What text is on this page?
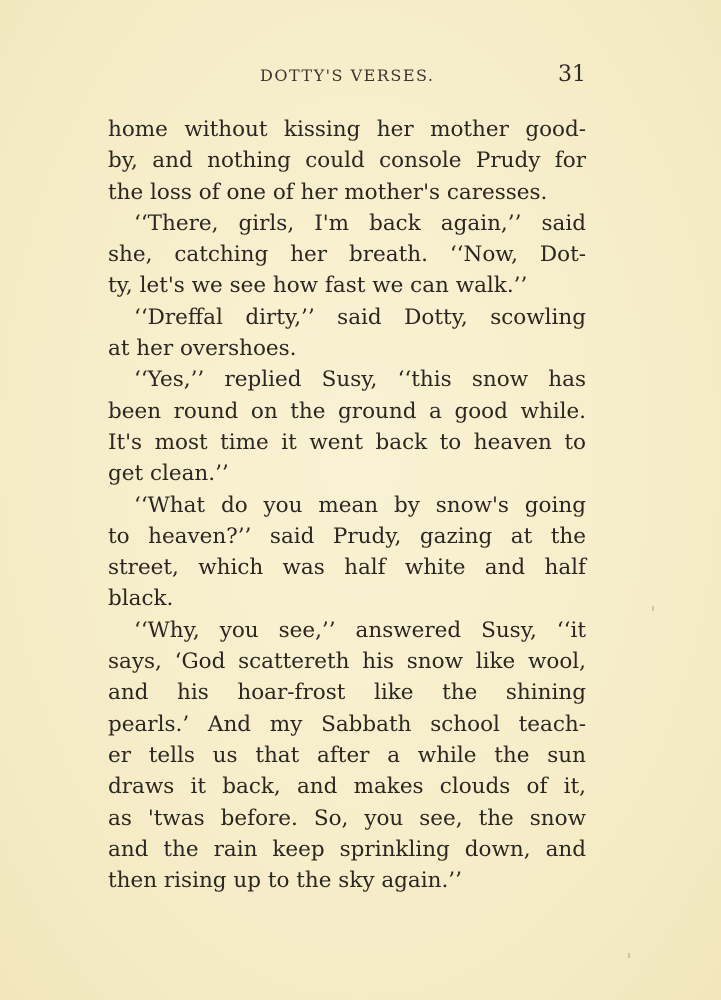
DOTTY'S VERSES.	31
home without kissing her mother good-
by, and nothing could console Prudy for
the loss of one of her mother's caresses.
‘‘There, girls, I'm back again,’’ said
she, catching her breath. ‘‘Now, Dot-
ty, let's we see how fast we can walk.’’
‘‘Dreffal dirty,’’ said Dotty, scowling
at her overshoes.
‘‘Yes,’’ replied Susy, ‘‘this snow has
been round on the ground a good while.
It's most time it went back to heaven to
get clean.’’
‘‘What do you mean by snow's going
to heaven?’’ said Prudy, gazing at the
street, which was half white and half
black.
‘‘Why, you see,’’ answered Susy, ‘‘it
says, ‘God scattereth his snow like wool,
and his hoar-frost like the shining
pearls.’ And my Sabbath school teach-
er tells us that after a while the sun
draws it back, and makes clouds of it,
as 'twas before. So, you see, the snow
and the rain keep sprinkling down, and
then rising up to the sky again.’’
